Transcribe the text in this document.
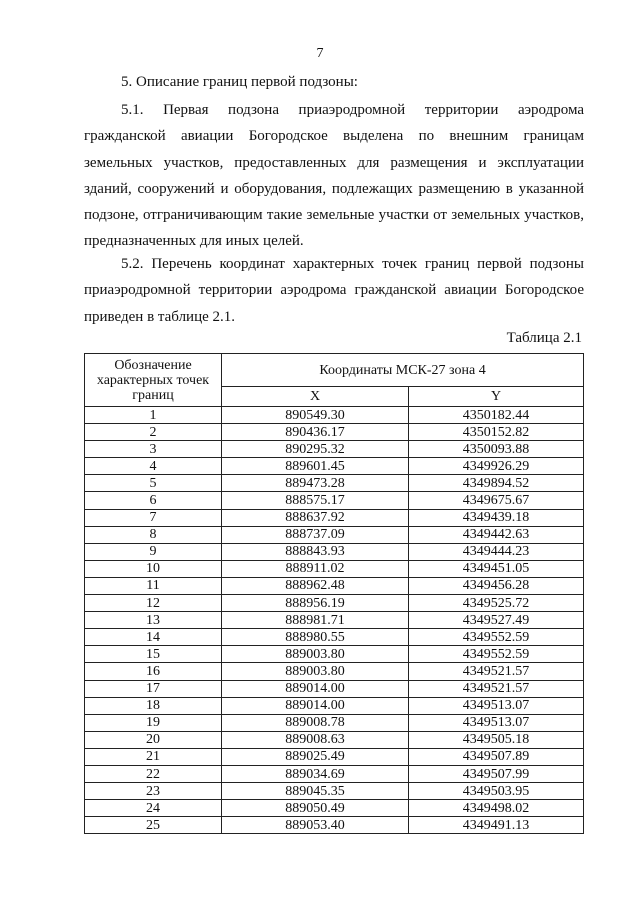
7
5. Описание границ первой подзоны:
5.1. Первая подзона приаэродромной территории аэродрома гражданской авиации Богородское выделена по внешним границам земельных участков, предоставленных для размещения и эксплуатации зданий, сооружений и оборудования, подлежащих размещению в указанной подзоне, отграничивающим такие земельные участки от земельных участков, предназначенных для иных целей.
5.2. Перечень координат характерных точек границ первой подзоны приаэродромной территории аэродрома гражданской авиации Богородское приведен в таблице 2.1.
Таблица 2.1
Обозначение характерных точек границ	Координаты МСК-27 зона 4	
	X	Y
1	890549.30	4350182.44
2	890436.17	4350152.82
3	890295.32	4350093.88
4	889601.45	4349926.29
5	889473.28	4349894.52
6	888575.17	4349675.67
7	888637.92	4349439.18
8	888737.09	4349442.63
9	888843.93	4349444.23
10	888911.02	4349451.05
11	888962.48	4349456.28
12	888956.19	4349525.72
13	888981.71	4349527.49
14	888980.55	4349552.59
15	889003.80	4349552.59
16	889003.80	4349521.57
17	889014.00	4349521.57
18	889014.00	4349513.07
19	889008.78	4349513.07
20	889008.63	4349505.18
21	889025.49	4349507.89
22	889034.69	4349507.99
23	889045.35	4349503.95
24	889050.49	4349498.02
25	889053.40	4349491.13
